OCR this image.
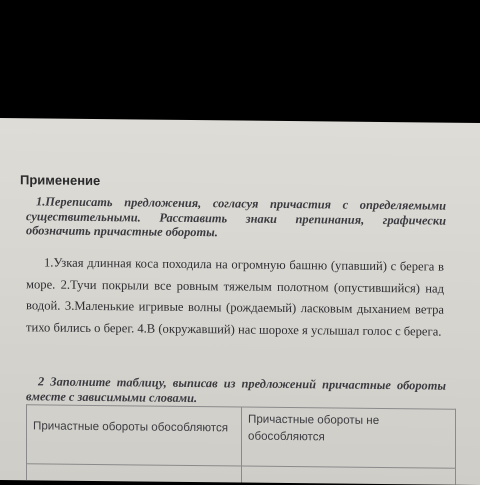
Применение
1.Переписать предложения, согласуя причастия с определяемыми существительными. Расставить знаки препинания, графически обозначить причастные обороты.
1.Узкая длинная коса походила на огромную башню (упавший) с берега в море. 2.Тучи покрыли все ровным тяжелым полотном (опустившийся) над водой. 3.Маленькие игривые волны (рождаемый) ласковым дыханием ветра тихо бились о берег. 4.В (окружавший) нас шорохе я услышал голос с берега.
2 Заполните таблицу, выписав из предложений причастные обороты вместе с зависимыми словами.
Причастные обороты обособляются	Причастные обороты не обособляются
